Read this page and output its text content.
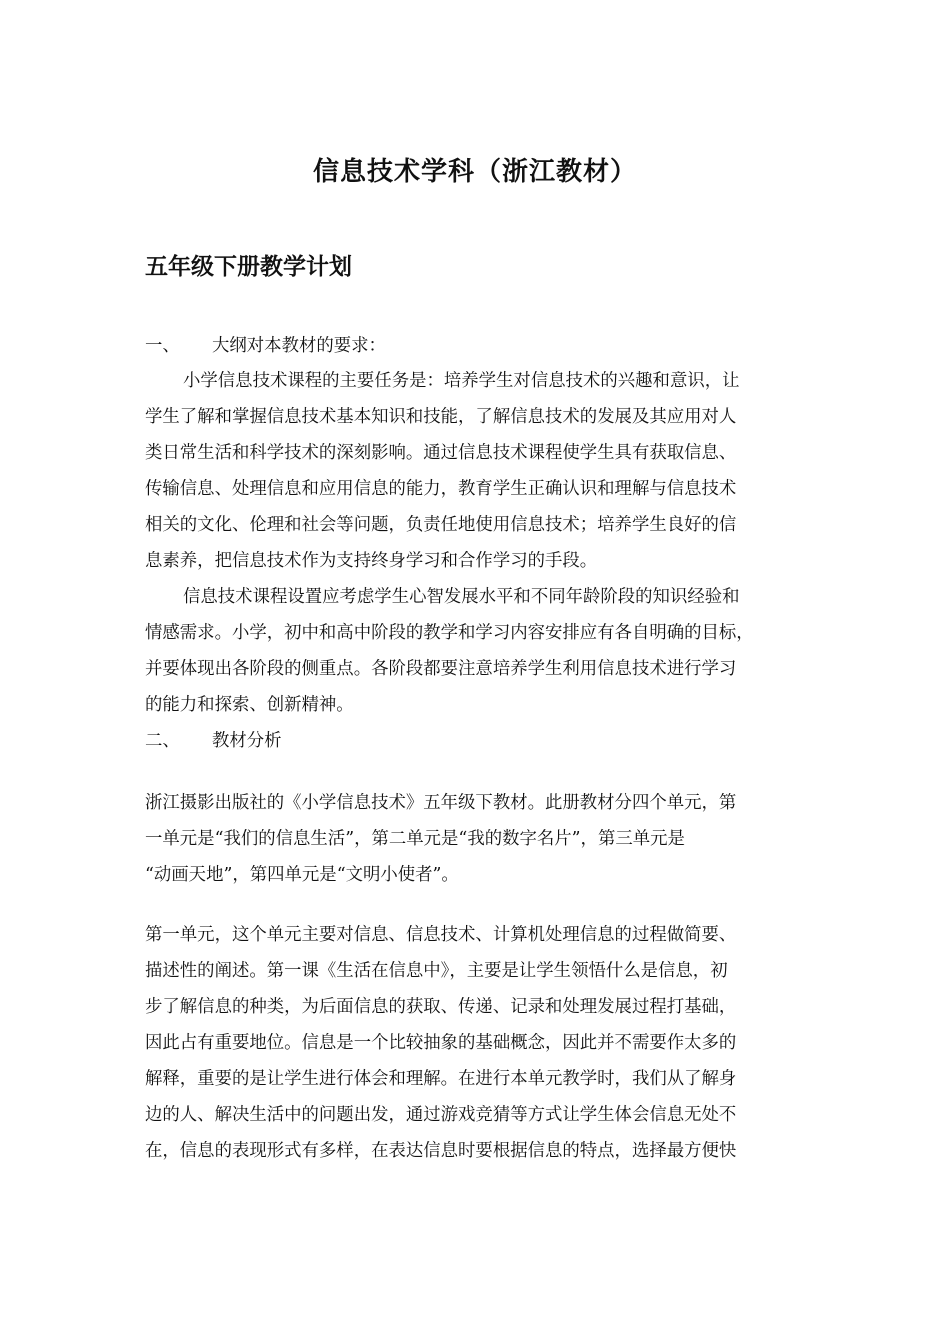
信息技术学科（浙江教材）
五年级下册教学计划
一、 大纲对本教材的要求：
小学信息技术课程的主要任务是：培养学生对信息技术的兴趣和意识，让
学生了解和掌握信息技术基本知识和技能，了解信息技术的发展及其应用对人
类日常生活和科学技术的深刻影响。通过信息技术课程使学生具有获取信息、
传输信息、处理信息和应用信息的能力，教育学生正确认识和理解与信息技术
相关的文化、伦理和社会等问题，负责任地使用信息技术；培养学生良好的信
息素养，把信息技术作为支持终身学习和合作学习的手段。
信息技术课程设置应考虑学生心智发展水平和不同年龄阶段的知识经验和
情感需求。小学，初中和高中阶段的教学和学习内容安排应有各自明确的目标，
并要体现出各阶段的侧重点。各阶段都要注意培养学生利用信息技术进行学习
的能力和探索、创新精神。
二、 教材分析
浙江摄影出版社的《小学信息技术》五年级下教材。此册教材分四个单元，第
一单元是“我们的信息生活”，第二单元是“我的数字名片”，第三单元是
“动画天地”，第四单元是“文明小使者”。
第一单元，这个单元主要对信息、信息技术、计算机处理信息的过程做简要、
描述性的阐述。第一课《生活在信息中》，主要是让学生领悟什么是信息，初
步了解信息的种类，为后面信息的获取、传递、记录和处理发展过程打基础，
因此占有重要地位。信息是一个比较抽象的基础概念，因此并不需要作太多的
解释，重要的是让学生进行体会和理解。在进行本单元教学时，我们从了解身
边的人、解决生活中的问题出发，通过游戏竞猜等方式让学生体会信息无处不
在，信息的表现形式有多样，在表达信息时要根据信息的特点，选择最方便快
